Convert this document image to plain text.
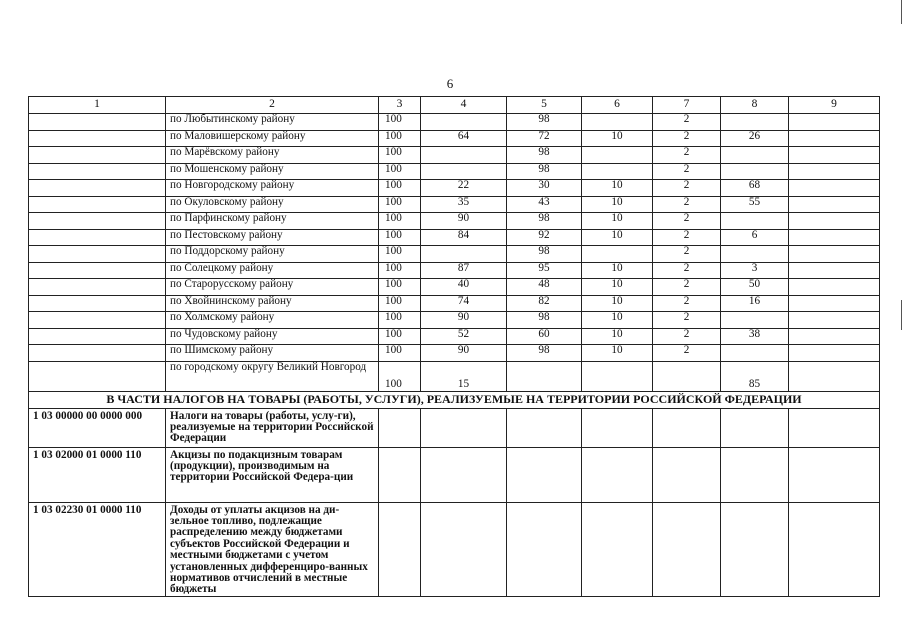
6
1	2	3	4	5	6	7	8	9
	по Любытинскому району	100		98		2		
	по Маловишерскому району	100	64	72	10	2	26	
	по Марёвскому району	100		98		2		
	по Мошенскому району	100		98		2		
	по Новгородскому району	100	22	30	10	2	68	
	по Окуловскому району	100	35	43	10	2	55	
	по Парфинскому району	100	90	98	10	2		
	по Пестовскому району	100	84	92	10	2	6	
	по Поддорскому району	100		98		2		
	по Солецкому району	100	87	95	10	2	3	
	по Старорусскому району	100	40	48	10	2	50	
	по Хвойнинскому району	100	74	82	10	2	16	
	по Холмскому району	100	90	98	10	2		
	по Чудовскому району	100	52	60	10	2	38	
	по Шимскому району	100	90	98	10	2		
	по городскому округу Великий Новгород	100	15				85	
В ЧАСТИ НАЛОГОВ НА ТОВАРЫ (РАБОТЫ, УСЛУГИ), РЕАЛИЗУЕМЫЕ НА ТЕРРИТОРИИ РОССИЙСКОЙ ФЕДЕРАЦИИ								
1 03 00000 00 0000 000	Налоги на товары (работы, услу-ги), реализуемые на территории Российской Федерации							
1 03 02000 01 0000 110	Акцизы по подакцизным товарам (продукции), производимым на территории Российской Федера-ции							
1 03 02230 01 0000 110	Доходы от уплаты акцизов на ди-зельное топливо, подлежащие распределению между бюджетами субъектов Российской Федерации и местными бюджетами с учетом установленных дифференциро-ванных нормативов отчислений в местные бюджеты							
